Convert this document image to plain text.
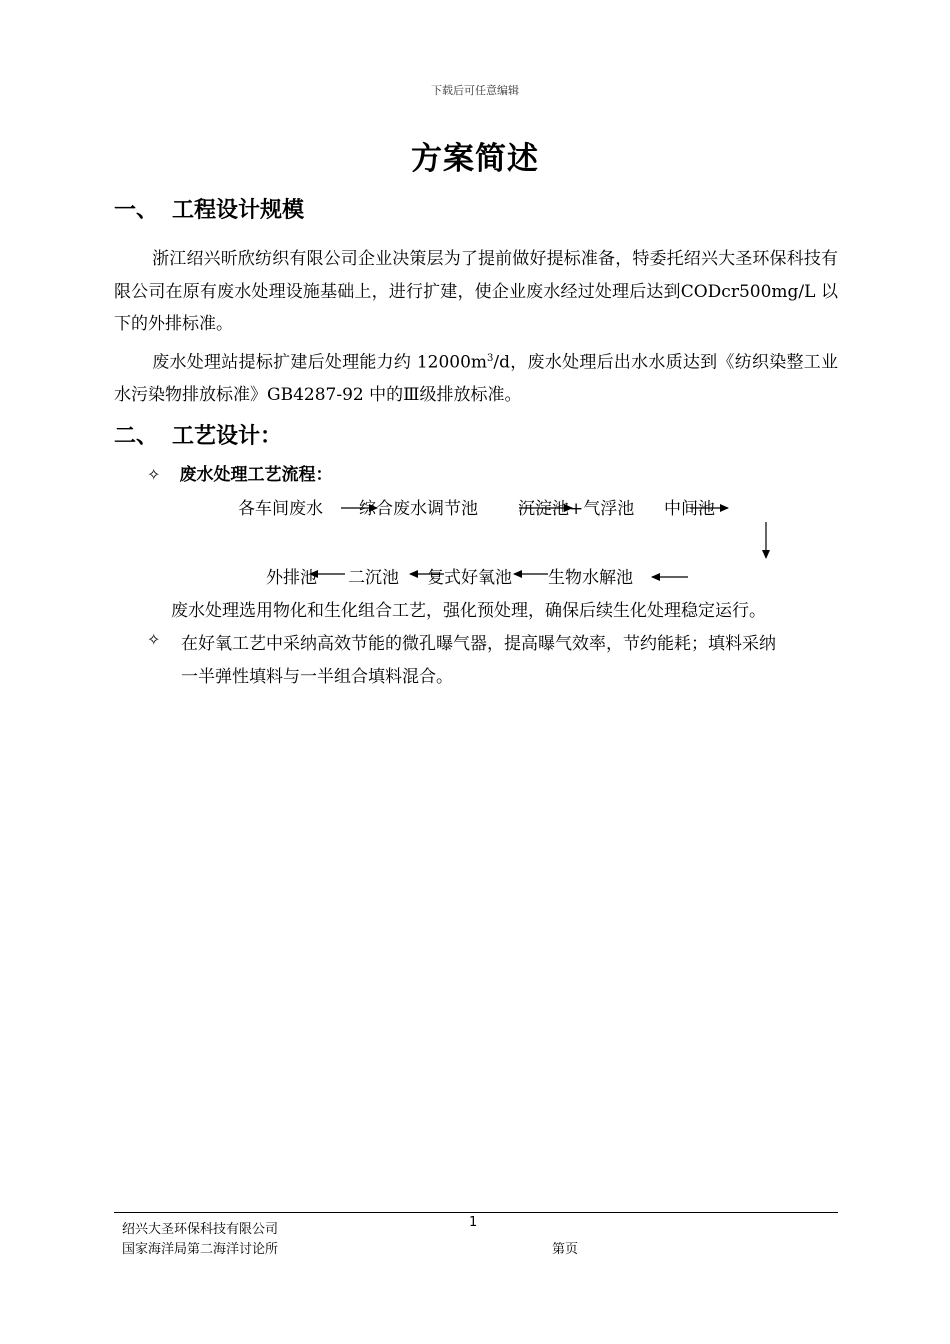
下载后可任意编辑
方案简述
一、 工程设计规模
浙江绍兴昕欣纺织有限公司企业决策层为了提前做好提标准备，特委托绍兴大圣环保科技有限公司在原有废水处理设施基础上，进行扩建，使企业废水经过处理后达到CODcr500mg/L 以下的外排标准。
废水处理站提标扩建后处理能力约 $12000m^3/d$，废水处理后出水水质达到《纺织染整工业水污染物排放标准》GB4287-92 中的Ⅲ级排放标准。
二、 工艺设计：
✧ 废水处理工艺流程：
各车间废水 综合废水调节池 沉淀池+气浮池 中间池
外排池 二沉池 复式好氧池 生物水解池
废水处理选用物化和生化组合工艺，强化预处理，确保后续生化处理稳定运行。
✧ 在好氧工艺中采纳高效节能的微孔曝气器，提高曝气效率，节约能耗；填料采纳
一半弹性填料与一半组合填料混合。
绍兴大圣环保科技有限公司	1
国家海洋局第二海洋讨论所	第页
